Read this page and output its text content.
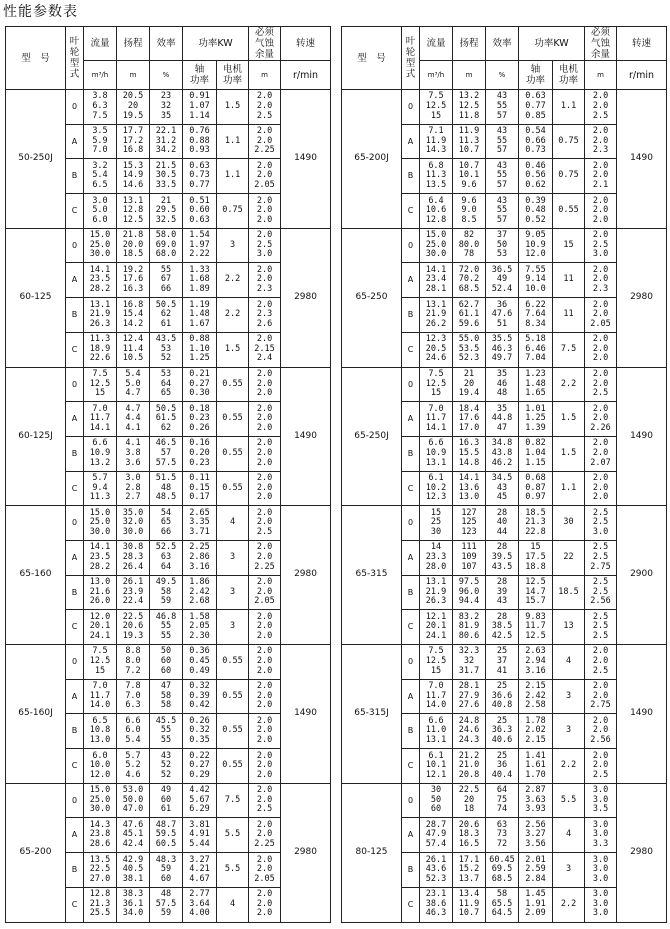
性能参数表
型　号	叶
轮
型
式	流量	扬程	效率	功率KW		必须
气蚀
余量	转速
		m³/h	m	%	轴
功率	电机
功率	m	r/min
50-250J	0	3.8
6.3
7.5	20.5
20
19.5	23
32
35	0.91
1.07
1.14	1.5	2.0
2.0
2.5	1490
	A	3.5
5.9
7.0	17.7
17.2
16.8	22.1
31.2
34.2	0.76
0.88
0.93	1.1	2.0
2.0
2.25	
	B	3.2
5.4
6.5	15.3
14.9
14.6	21.5
30.5
33.5	0.63
0.73
0.77	1.1	2.0
2.0
2.05	
	C	3.0
5.0
6.0	13.1
12.8
12.5	21
29.5
32.5	0.51
0.60
0.63	0.75	2.0
2.0
2.0	
60-125	0	15.0
25.0
30.0	21.8
20.0
18.5	58.0
69.0
68.0	1.54
1.97
2.22	3	2.0
2.5
3.0	2980
	A	14.1
23.5
28.2	19.2
17.6
16.3	55
67
66	1.33
1.68
1.89	2.2	2.0
2.0
2.3	
	B	13.1
21.9
26.3	16.8
15.4
14.2	50.5
62
61	1.19
1.48
1.67	2.2	2.0
2.3
2.6	
	C	11.3
18.9
22.6	12.4
11.4
10.5	43.5
53
52	0.88
1.10
1.25	1.5	2.0
2.15
2.4	
60-125J	0	7.5
12.5
15	5.4
5.0
4.7	53
64
65	0.21
0.27
0.30	0.55	2.0
2.0
2.0	1490
	A	7.0
11.7
14.1	4.7
4.4
4.1	50.5
61.5
62	0.18
0.23
0.26	0.55	2.0
2.0
2.0	
	B	6.6
10.9
13.2	4.1
3.8
3.6	46.5
57
57.5	0.16
0.20
0.23	0.55	2.0
2.0
2.0	
	C	5.7
9.4
11.3	3.0
2.8
2.7	51.5
48
48.5	0.11
0.15
0.17	0.55	2.0
2.0
2.0	
65-160	0	15.0
25.0
30.0	35.0
32.0
30.0	54
65
66	2.65
3.35
3.71	4	2.0
2.0
2.5	2980
	A	14.1
23.5
28.2	30.8
28.3
26.4	52.5
63
64	2.25
2.86
3.16	3	2.0
2.0
2.25	
	B	13.0
21.6
26.0	26.1
23.9
22.4	49.5
58
59	1.86
2.42
2.68	3	2.0
2.0
2.05	
	C	12.0
20.1
24.1	22.5
20.6
19.3	46.8
55
55	1.58
2.05
2.30	3	2.0
2.0
2.0	
65-160J	0	7.5
12.5
15	8.8
8.0
7.2	50
60
60	0.36
0.45
0.49	0.55	2.0
2.0
2.0	1490
	A	7.0
11.7
14.0	7.8
7.0
6.3	47
58
58	0.32
0.39
0.42	0.55	2.0
2.0
2.0	
	B	6.5
10.8
13.0	6.6
6.0
5.4	45.5
55
55	0.26
0.32
0.35	0.55	2.0
2.0
2.0	
	C	6.0
10.0
12.0	5.7
5.2
4.6	43
52
52	0.22
0.27
0.29	0.55	2.0
2.0
2.0	
65-200	0	15.0
25.0
30.0	53.0
50.0
47.0	49
60
61	4.42
5.67
6.29	7.5	2.0
2.0
2.5	2980
	A	14.3
23.8
28.6	47.6
45.1
42.4	48.7
59.5
60.5	3.81
4.91
5.44	5.5	2.0
2.0
2.25	
	B	13.5
22.5
27.0	42.9
40.5
38.1	48.3
59
60	3.27
4.21
4.67	5.5	2.0
2.0
2.05	
	C	12.8
21.3
25.5	38.3
36.1
34.0	48
57.5
59	2.77
3.64
4.00	4	2.0
2.0
2.0	
型　号	叶
轮
型
式	流量	扬程	效率	功率KW		必须
气蚀
余量	转速
		m³/h	m	%	轴
功率	电机
功率	m	r/min
65-200J	0	7.5
12.5
15	13.2
12.5
11.8	43
55
57	0.63
0.77
0.85	1.1	2.0
2.0
2.5	1490
	A	7.1
11.9
14.3	11.9
11.3
10.7	43
55
57	0.54
0.66
0.73	0.75	2.0
2.0
2.3	
	B	6.8
11.3
13.5	10.7
10.1
9.6	43
55
57	0.46
0.56
0.62	0.75	2.0
2.0
2.1	
	C	6.4
10.6
12.8	9.6
9.0
8.5	43
55
57	0.39
0.48
0.52	0.55	2.0
2.0
2.0	
65-250	0	15.0
25.0
30.0	82
80.0
78	37
50
53	9.05
10.9
12.0	15	2.0
2.5
3.0	2980
	A	14.1
23.4
28.1	72.0
70.2
68.5	36.5
49
52.4	7.55
9.14
10.0	11	2.0
2.0
2.3	
	B	13.1
21.9
26.2	62.7
61.1
59.6	36
47.6
51	6.22
7.64
8.34	11	2.0
2.0
2.05	
	C	12.3
20.5
24.6	55.0
53.5
52.3	35.5
46.3
49.7	5.18
6.46
7.04	7.5	2.0
2.0
2.0	
65-250J	0	7.5
12.5
15	21
20
19.4	35
46
48	1.23
1.48
1.65	2.2	2.0
2.0
2.5	1490
	A	7.0
11.7
14.1	18.4
17.6
17.0	35
44.8
47	1.01
1.25
1.39	1.5	2.0
2.0
2.26	
	B	6.6
10.9
13.1	16.3
15.5
14.8	34.8
43.8
46.2	0.82
1.04
1.15	1.5	2.0
2.0
2.07	
	C	6.1
10.2
12.3	14.1
13.6
13.0	34.5
43
45	0.68
0.87
0.97	1.1	2.0
2.0
2.0	
65-315	0	15
25
30	127
125
123	28
40
44	18.5
21.3
22.8	30	2.5
2.5
3.0	2900
	A	14
23.3
28.0	111
109
107	28
39.5
43.5	15
17.5
18.8	22	2.5
2.5
2.75	
	B	13.1
21.9
26.3	97.5
96.0
94.4	28
39
43	12.5
14.7
15.7	18.5	2.5
2.5
2.56	
	C	12.1
20.1
24.1	83.2
81.9
80.6	28
38.5
42.5	9.83
11.7
12.5	13	2.5
2.5
2.5	
65-315J	0	7.5
12.5
15	32.3
32
31.7	25
37
41	2.63
2.94
3.16	4	2.0
2.0
2.5	1490
	A	7.0
11.7
14.0	28.1
27.9
27.6	25
36.6
40.8	2.15
2.42
2.58	3	2.0
2.0
2.75	
	B	6.6
11.0
13.1	24.8
24.6
24.3	25
36.3
40.6	1.78
2.02
2.15	3	2.0
2.0
2.56	
	C	6.1
10.1
12.1	21.2
21.0
20.8	25
36
40.4	1.41
1.61
1.70	2.2	2.0
2.0
2.5	
80-125	0	30
50
60	22.5
20
18	64
75
74	2.87
3.63
3.93	5.5	3.0
3.0
3.5	2980
	A	28.7
47.9
57.4	20.6
18.3
16.5	63
73
72	2.56
3.27
3.56	4	3.0
3.0
3.3	
	B	26.1
43.6
52.3	17.1
15.2
13.7	60.45
69.5
68.5	2.01
2.59
2.84	3	3.0
3.0
3.0	
	C	23.1
38.6
46.3	13.4
11.9
10.7	58
65.5
64.5	1.45
1.91
2.09	2.2	3.0
3.0
3.0	
